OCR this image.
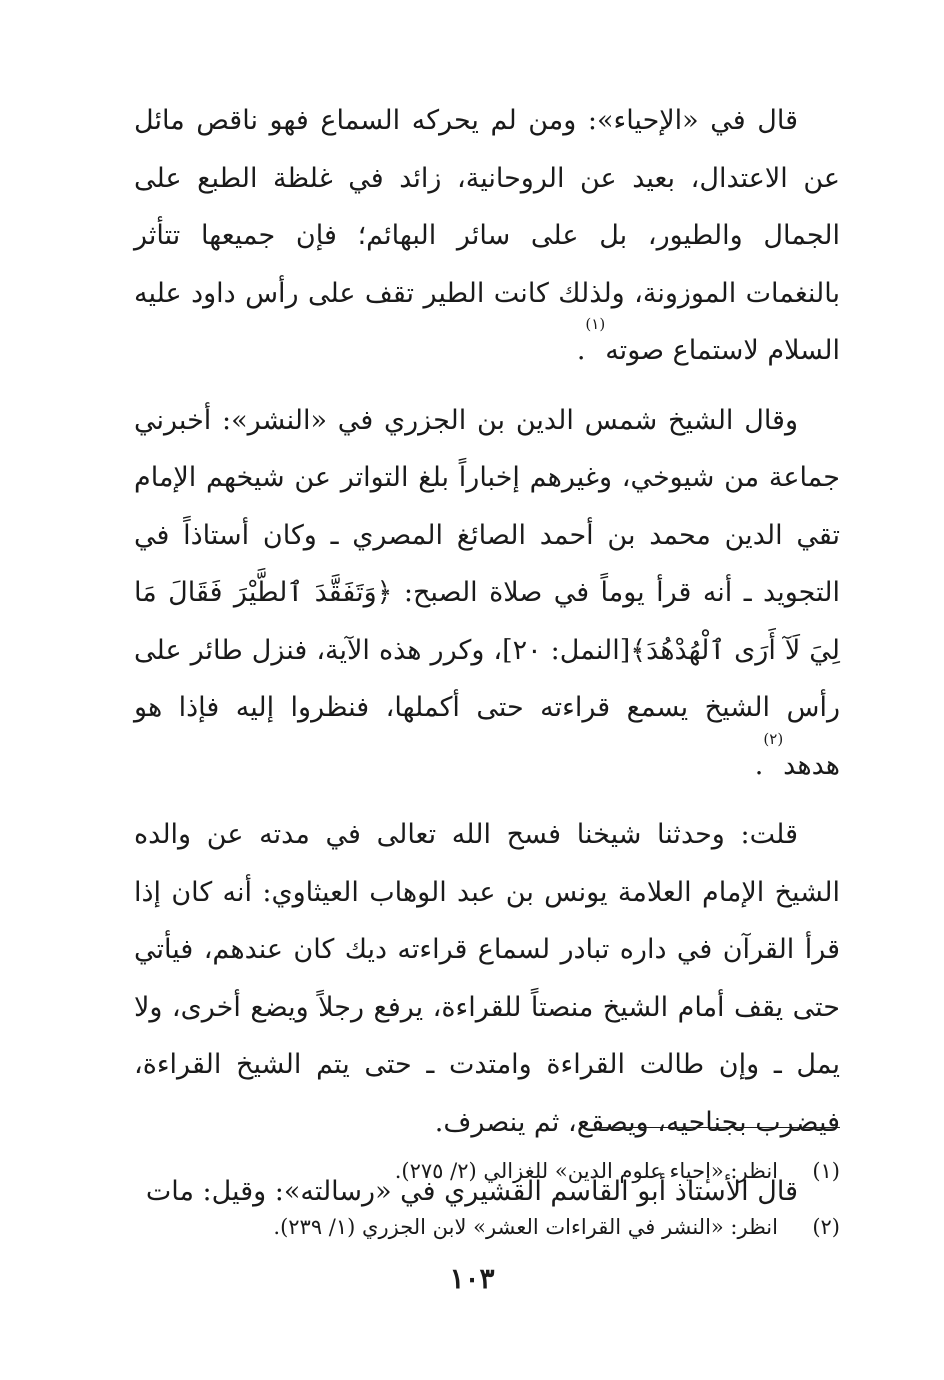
قال في «الإحياء»: ومن لم يحركه السماع فهو ناقص مائل عن الاعتدال، بعيد عن الروحانية، زائد في غلظة الطبع على الجمال والطيور، بل على سائر البهائم؛ فإن جميعها تتأثر بالنغمات الموزونة، ولذلك كانت الطير تقف على رأس داود عليه السلام لاستماع صوته$^{(١)}$.

وقال الشيخ شمس الدين بن الجزري في «النشر»: أخبرني جماعة من شيوخي، وغيرهم إخباراً بلغ التواتر عن شيخهم الإمام تقي الدين محمد بن أحمد الصائغ المصري ـ وكان أستاذاً في التجويد ـ أنه قرأ يوماً في صلاة الصبح: ﴿وَتَفَقَّدَ ٱلطَّيْرَ فَقَالَ مَا لِيَ لَآ أَرَى ٱلْهُدْهُدَ﴾[النمل: ٢٠]، وكرر هذه الآية، فنزل طائر على رأس الشيخ يسمع قراءته حتى أكملها، فنظروا إليه فإذا هو هدهد$^{(٢)}$.

قلت: وحدثنا شيخنا فسح الله تعالى في مدته عن والده الشيخ الإمام العلامة يونس بن عبد الوهاب العيثاوي: أنه كان إذا قرأ القرآن في داره تبادر لسماع قراءته ديك كان عندهم، فيأتي حتى يقف أمام الشيخ منصتاً للقراءة، يرفع رجلاً ويضع أخرى، ولا يمل ـ وإن طالت القراءة وامتدت ـ حتى يتم الشيخ القراءة، فيضرب بجناحيه، ويصقع، ثم ينصرف.

قال الأستاذ أبو القاسم القشيري في «رسالته»: وقيل: مات

(١)
انظر: «إحياء علوم الدين» للغزالي (٢/ ٢٧٥).
(٢)
انظر: «النشر في القراءات العشر» لابن الجزري (١/ ٢٣٩).
١٠٣
